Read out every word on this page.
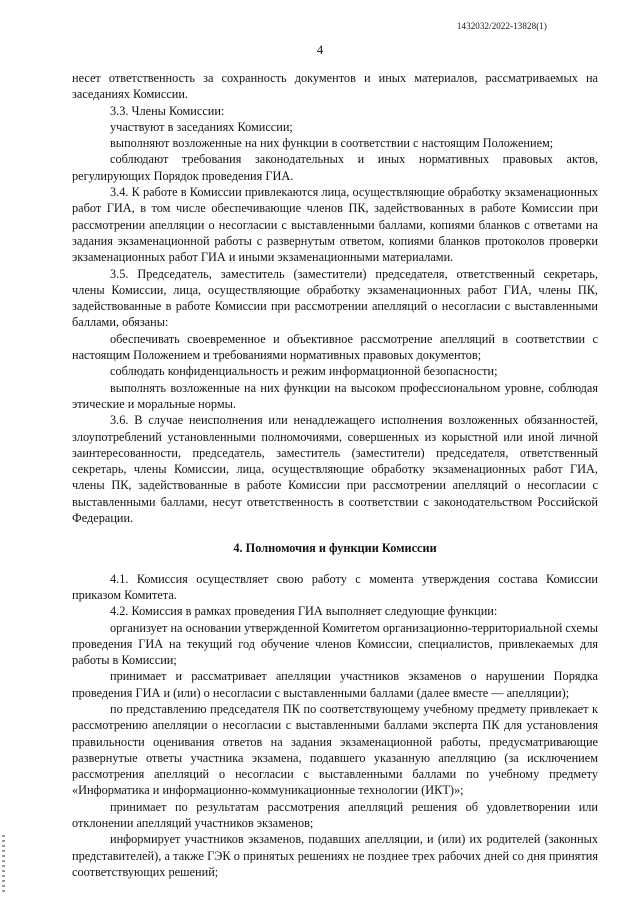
1432032/2022-13828(1)
4

несет ответственность за сохранность документов и иных материалов, рассматриваемых на заседаниях Комиссии.

3.3. Члены Комиссии:

участвуют в заседаниях Комиссии;

выполняют возложенные на них функции в соответствии с настоящим Положением;

соблюдают требования законодательных и иных нормативных правовых актов, регулирующих Порядок проведения ГИА.

3.4. К работе в Комиссии привлекаются лица, осуществляющие обработку экзаменационных работ ГИА, в том числе обеспечивающие членов ПК, задействованных в работе Комиссии при рассмотрении апелляции о несогласии с выставленными баллами, копиями бланков с ответами на задания экзаменационной работы с развернутым ответом, копиями бланков протоколов проверки экзаменационных работ ГИА и иными экзаменационными материалами.

3.5. Председатель, заместитель (заместители) председателя, ответственный секретарь, члены Комиссии, лица, осуществляющие обработку экзаменационных работ ГИА, члены ПК, задействованные в работе Комиссии при рассмотрении апелляций о несогласии с выставленными баллами, обязаны:

обеспечивать своевременное и объективное рассмотрение апелляций в соответствии с настоящим Положением и требованиями нормативных правовых документов;

соблюдать конфиденциальность и режим информационной безопасности;

выполнять возложенные на них функции на высоком профессиональном уровне, соблюдая этические и моральные нормы.

3.6. В случае неисполнения или ненадлежащего исполнения возложенных обязанностей, злоупотреблений установленными полномочиями, совершенных из корыстной или иной личной заинтересованности, председатель, заместитель (заместители) председателя, ответственный секретарь, члены Комиссии, лица, осуществляющие обработку экзаменационных работ ГИА, члены ПК, задействованные в работе Комиссии при рассмотрении апелляций о несогласии с выставленными баллами, несут ответственность в соответствии с законодательством Российской Федерации.

4. Полномочия и функции Комиссии

4.1. Комиссия осуществляет свою работу с момента утверждения состава Комиссии приказом Комитета.

4.2. Комиссия в рамках проведения ГИА выполняет следующие функции:

организует на основании утвержденной Комитетом организационно-территориальной схемы проведения ГИА на текущий год обучение членов Комиссии, специалистов, привлекаемых для работы в Комиссии;

принимает и рассматривает апелляции участников экзаменов о нарушении Порядка проведения ГИА и (или) о несогласии с выставленными баллами (далее вместе — апелляции);

по представлению председателя ПК по соответствующему учебному предмету привлекает к рассмотрению апелляции о несогласии с выставленными баллами эксперта ПК для установления правильности оценивания ответов на задания экзаменационной работы, предусматривающие развернутые ответы участника экзамена, подавшего указанную апелляцию (за исключением рассмотрения апелляций о несогласии с выставленными баллами по учебному предмету «Информатика и информационно-коммуникационные технологии (ИКТ)»;

принимает по результатам рассмотрения апелляций решения об удовлетворении или отклонении апелляций участников экзаменов;

информирует участников экзаменов, подавших апелляции, и (или) их родителей (законных представителей), а также ГЭК о принятых решениях не позднее трех рабочих дней со дня принятия соответствующих решений;
